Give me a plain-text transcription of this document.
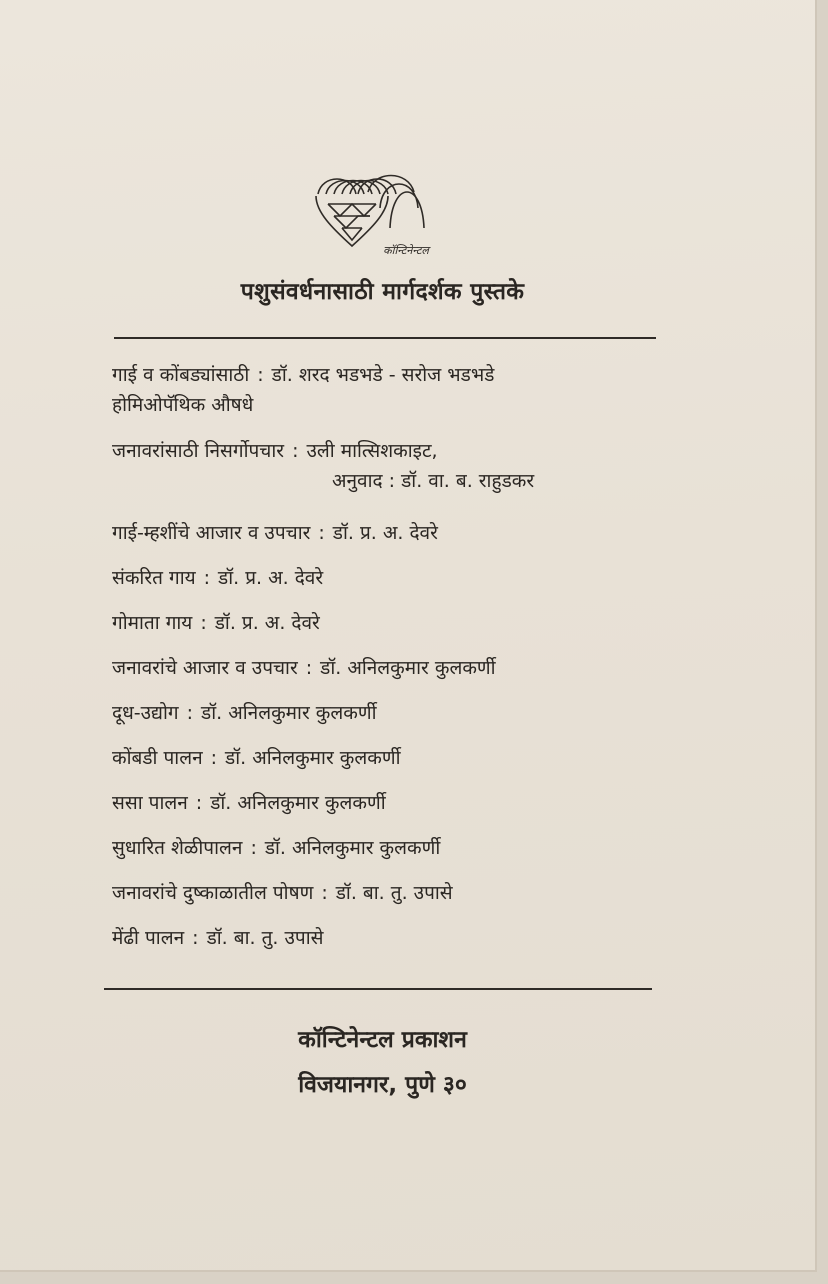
कॉन्टिनेन्टल
पशुसंवर्धनासाठी मार्गदर्शक पुस्तके
गाई व कोंबड्यांसाठी : डॉ. शरद भडभडे - सरोज भडभडे
होमिओपॅथिक औषधे
जनावरांसाठी निसर्गोपचार : उली मात्सिशकाइट,
अनुवाद : डॉ. वा. ब. राहुडकर
गाई-म्हशींचे आजार व उपचार : डॉ. प्र. अ. देवरे
संकरित गाय : डॉ. प्र. अ. देवरे
गोमाता गाय : डॉ. प्र. अ. देवरे
जनावरांचे आजार व उपचार : डॉ. अनिलकुमार कुलकर्णी
दूध-उद्योग : डॉ. अनिलकुमार कुलकर्णी
कोंबडी पालन : डॉ. अनिलकुमार कुलकर्णी
ससा पालन : डॉ. अनिलकुमार कुलकर्णी
सुधारित शेळीपालन : डॉ. अनिलकुमार कुलकर्णी
जनावरांचे दुष्काळातील पोषण : डॉ. बा. तु. उपासे
मेंढी पालन : डॉ. बा. तु. उपासे
कॉन्टिनेन्टल प्रकाशन
विजयानगर, पुणे ३०
